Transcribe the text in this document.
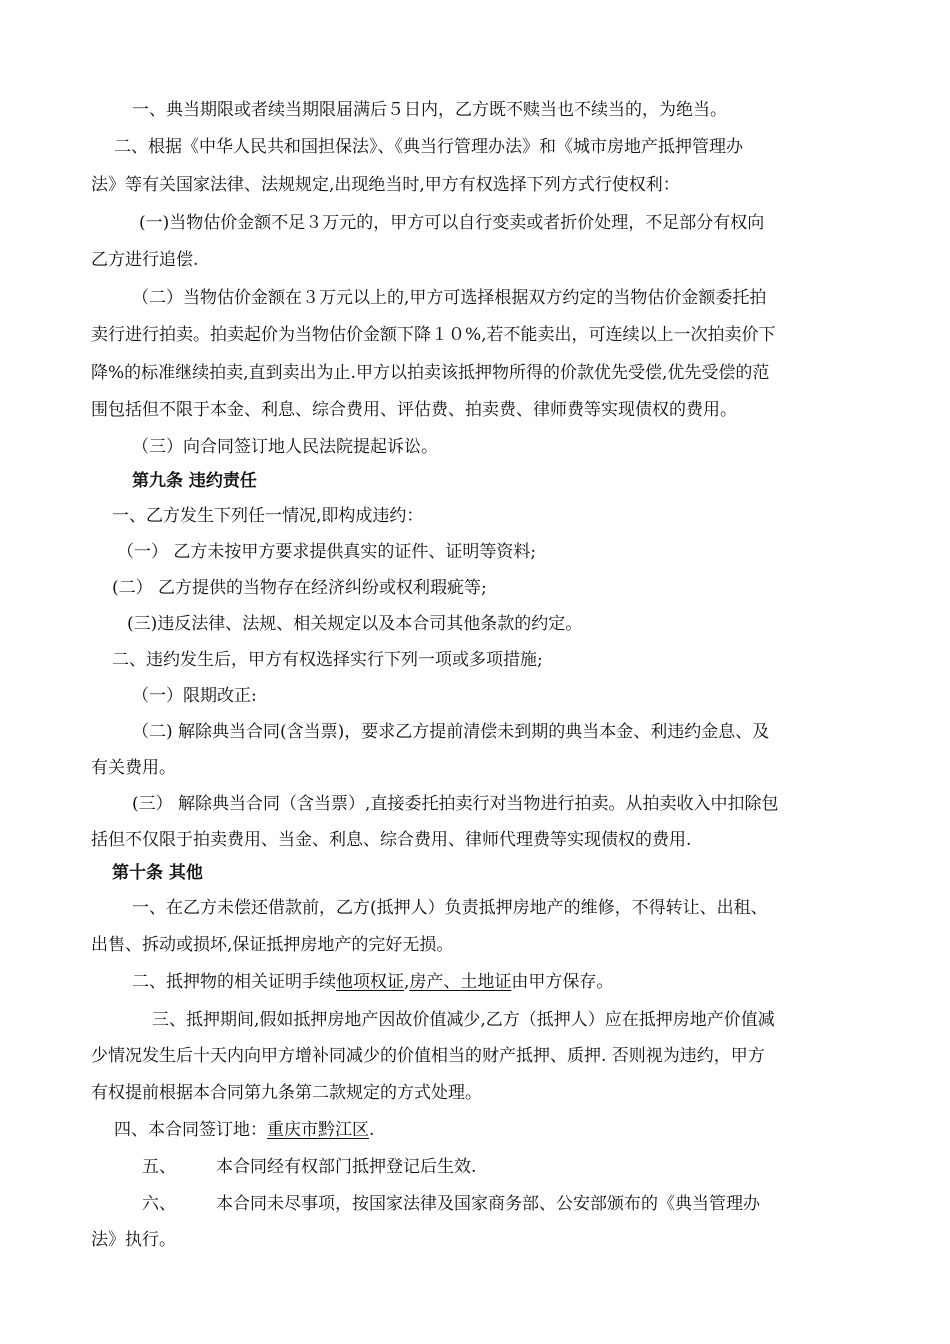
一、典当期限或者续当期限届满后５日内，乙方既不赎当也不续当的，为绝当。
二、根据《中华人民共和国担保法》、《典当行管理办法》和《城市房地产抵押管理办
法》等有关国家法律、法规规定,出现绝当时,甲方有权选择下列方式行使权利：
(一)当物估价金额不足３万元的，甲方可以自行变卖或者折价处理，不足部分有权向
乙方进行追偿.
（二）当物估价金额在３万元以上的,甲方可选择根据双方约定的当物估价金额委托拍
卖行进行拍卖。拍卖起价为当物估价金额下降１０%,若不能卖出，可连续以上一次拍卖价下
降%的标准继续拍卖,直到卖出为止.甲方以拍卖该抵押物所得的价款优先受偿,优先受偿的范
围包括但不限于本金、利息、综合费用、评估费、拍卖费、律师费等实现债权的费用。
（三）向合同签订地人民法院提起诉讼。
第九条 违约责任
一、乙方发生下列任一情况,即构成违约：
（一） 乙方未按甲方要求提供真实的证件、证明等资料;
(二） 乙方提供的当物存在经济纠纷或权利瑕疵等;
(三)违反法律、法规、相关规定以及本合司其他条款的约定。
二、违约发生后，甲方有权选择实行下列一项或多项措施;
（一）限期改正:
（二) 解除典当合同(含当票)，要求乙方提前清偿未到期的典当本金、利违约金息、及
有关费用。
(三） 解除典当合同（含当票）,直接委托拍卖行对当物进行拍卖。从拍卖收入中扣除包
括但不仅限于拍卖费用、当金、利息、综合费用、律师代理费等实现债权的费用.
第十条 其他
一、在乙方未偿还借款前，乙方(抵押人）负责抵押房地产的维修，不得转让、出租、
出售、拆动或损坏,保证抵押房地产的完好无损。
二、抵押物的相关证明手续他项权证,房产、土地证由甲方保存。
三、抵押期间,假如抵押房地产因故价值减少,乙方（抵押人）应在抵押房地产价值减
少情况发生后十天内向甲方增补同减少的价值相当的财产抵押、质押. 否则视为违约，甲方
有权提前根据本合同第九条第二款规定的方式处理。
四、本合同签订地：重庆市黔江区.
五、 本合同经有权部门抵押登记后生效.
六、 本合同未尽事项，按国家法律及国家商务部、公安部颁布的《典当管理办
法》执行。
